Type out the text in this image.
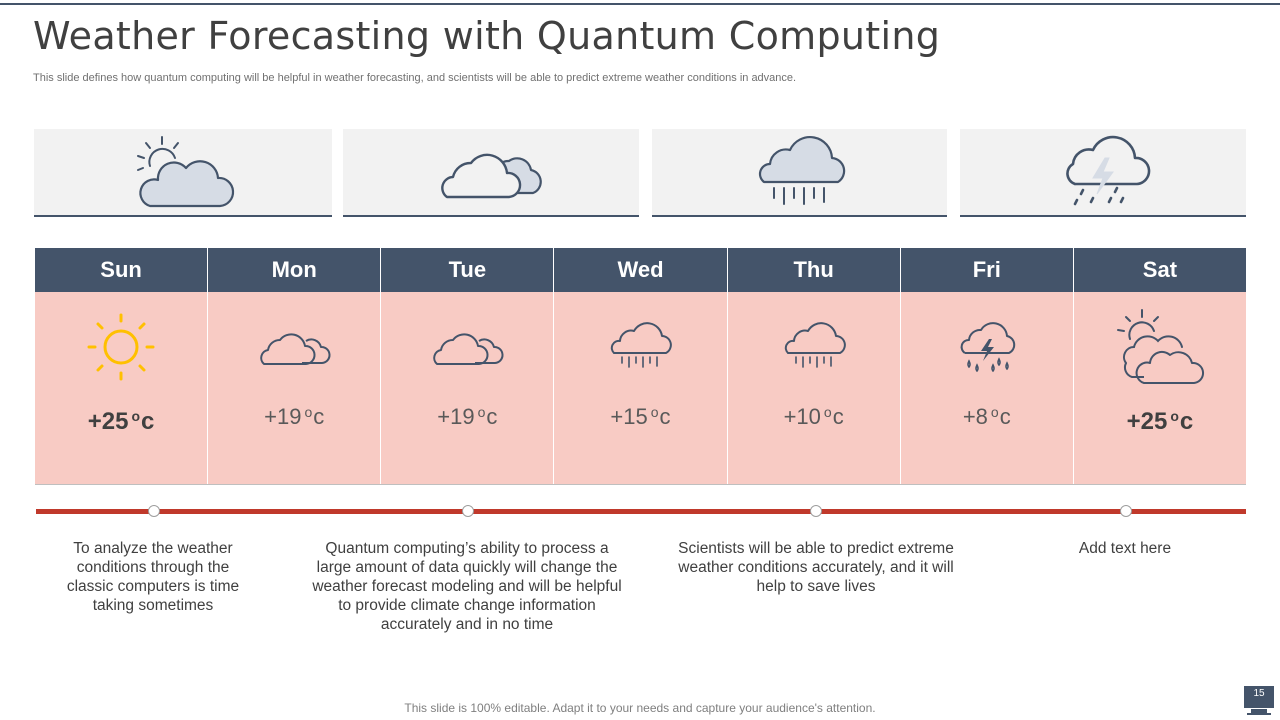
Weather Forecasting with Quantum Computing
This slide defines how quantum computing will be helpful in weather forecasting, and scientists will be able to predict extreme weather conditions in advance.
Sun
$+25^o$ c
Mon
$+19^o$ c
Tue
$+19^o$ c
Wed
$+15^o$ c
Thu
$+10^o$ c
Fri
$+8^o$ c
Sat
$+25^o$ c
To analyze the weather conditions through the classic computers is time taking sometimes
Quantum computing’s ability to process a large amount of data quickly will change the weather forecast modeling and will be helpful to provide climate change information accurately and in no time
Scientists will be able to predict extreme weather conditions accurately, and it will help to save lives
Add text here
This slide is 100% editable. Adapt it to your needs and capture your audience's attention.
15
